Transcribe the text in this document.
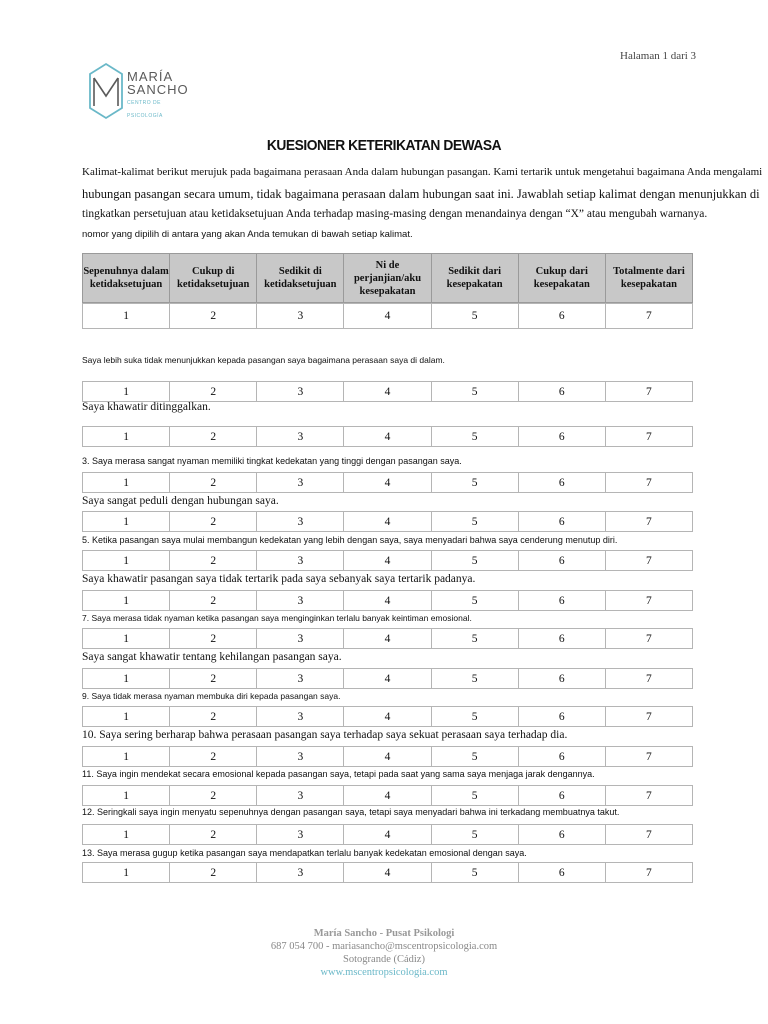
Halaman 1 dari 3
MARÍA
SANCHO
CENTRO DE PSICOLOGÍA
KUESIONER KETERIKATAN DEWASA
Kalimat-kalimat berikut merujuk pada bagaimana perasaan Anda dalam hubungan pasangan. Kami tertarik untuk mengetahui bagaimana Anda mengalami
hubungan pasangan secara umum, tidak bagaimana perasaan dalam hubungan saat ini. Jawablah setiap kalimat dengan menunjukkan di
tingkatkan persetujuan atau ketidaksetujuan Anda terhadap masing-masing dengan menandainya dengan “X” atau mengubah warnanya.
nomor yang dipilih di antara yang akan Anda temukan di bawah setiap kalimat.
Sepenuhnya dalam ketidaksetujuan	Cukup di ketidaksetujuan	Sedikit di ketidaksetujuan	Ni de perjanjian/aku kesepakatan	Sedikit dari kesepakatan	Cukup dari kesepakatan	Totalmente dari kesepakatan
1	2	3	4	5	6	7
Saya lebih suka tidak menunjukkan kepada pasangan saya bagaimana perasaan saya di dalam.
1	2	3	4	5	6	7
Saya khawatir ditinggalkan.
1	2	3	4	5	6	7
3. Saya merasa sangat nyaman memiliki tingkat kedekatan yang tinggi dengan pasangan saya.
1	2	3	4	5	6	7
Saya sangat peduli dengan hubungan saya.
1	2	3	4	5	6	7
5. Ketika pasangan saya mulai membangun kedekatan yang lebih dengan saya, saya menyadari bahwa saya cenderung menutup diri.
1	2	3	4	5	6	7
Saya khawatir pasangan saya tidak tertarik pada saya sebanyak saya tertarik padanya.
1	2	3	4	5	6	7
7. Saya merasa tidak nyaman ketika pasangan saya menginginkan terlalu banyak keintiman emosional.
1	2	3	4	5	6	7
Saya sangat khawatir tentang kehilangan pasangan saya.
1	2	3	4	5	6	7
9. Saya tidak merasa nyaman membuka diri kepada pasangan saya.
1	2	3	4	5	6	7
10. Saya sering berharap bahwa perasaan pasangan saya terhadap saya sekuat perasaan saya terhadap dia.
1	2	3	4	5	6	7
11. Saya ingin mendekat secara emosional kepada pasangan saya, tetapi pada saat yang sama saya menjaga jarak dengannya.
1	2	3	4	5	6	7
12. Seringkali saya ingin menyatu sepenuhnya dengan pasangan saya, tetapi saya menyadari bahwa ini terkadang membuatnya takut.
1	2	3	4	5	6	7
13. Saya merasa gugup ketika pasangan saya mendapatkan terlalu banyak kedekatan emosional dengan saya.
1	2	3	4	5	6	7
María Sancho - Pusat Psikologi
687 054 700 - mariasancho@mscentropsicologia.com
Sotogrande (Cádiz)
www.mscentropsicologia.com
